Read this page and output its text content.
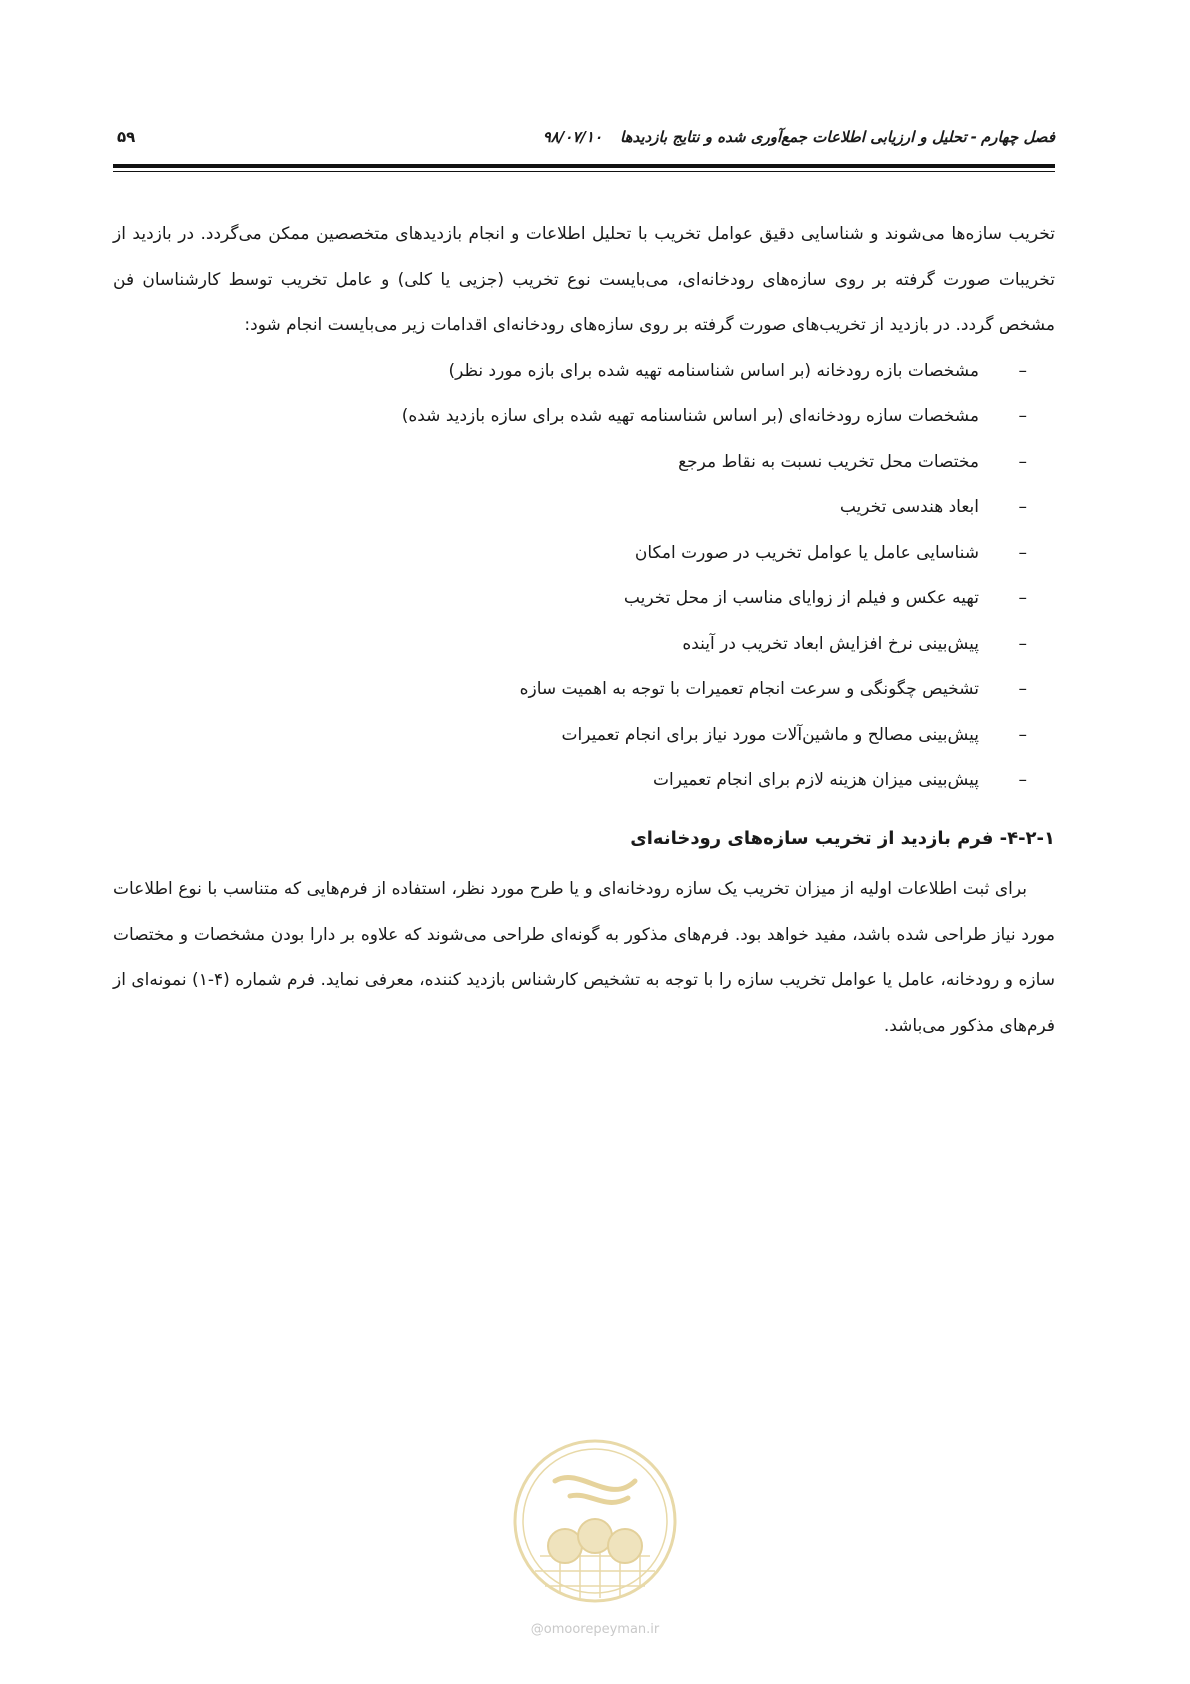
فصل چهارم-تحلیل و ارزیابی اطلاعات جمع‌آوری شده و نتایج بازدیدها۹۸/۰۷/۱۰
۵۹

تخریب سازه‌ها می‌شوند و شناسایی دقیق عوامل تخریب با تحلیل اطلاعات و انجام بازدیدهای متخصصین ممکن می‌گردد. در بازدید از تخریبات صورت گرفته بر روی سازه‌های رودخانه‌ای، می‌بایست نوع تخریب (جزیی یا کلی) و عامل تخریب توسط کارشناسان فن مشخص گردد. در بازدید از تخریب‌های صورت گرفته بر روی سازه‌های رودخانه‌ای اقدامات زیر می‌بایست انجام شود:

–
مشخصات بازه رودخانه (بر اساس شناسنامه تهیه شده برای بازه مورد نظر)
–
مشخصات سازه رودخانه‌ای (بر اساس شناسنامه تهیه شده برای سازه بازدید شده)
–
مختصات محل تخریب نسبت به نقاط مرجع
–
ابعاد هندسی تخریب
–
شناسایی عامل یا عوامل تخریب در صورت امکان
–
تهیه عکس و فیلم از زوایای مناسب از محل تخریب
–
پیش‌بینی نرخ افزایش ابعاد تخریب در آینده
–
تشخیص چگونگی و سرعت انجام تعمیرات با توجه به اهمیت سازه
–
پیش‌بینی مصالح و ماشین‌آلات مورد نیاز برای انجام تعمیرات
–
پیش‌بینی میزان هزینه لازم برای انجام تعمیرات
۴-۲-۱- فرم بازدید از تخریب سازه‌های رودخانه‌ای

برای ثبت اطلاعات اولیه از میزان تخریب یک سازه رودخانه‌ای و یا طرح مورد نظر، استفاده از فرم‌هایی که متناسب با نوع اطلاعات مورد نیاز طراحی شده باشد، مفید خواهد بود. فرم‌های مذکور به گونه‌ای طراحی می‌شوند که علاوه بر دارا بودن مشخصات و مختصات سازه و رودخانه، عامل یا عوامل تخریب سازه را با توجه به تشخیص کارشناس بازدید کننده، معرفی نماید. فرم شماره (۴-۱) نمونه‌ای از فرم‌های مذکور می‌باشد.

@omoorepeyman.ir
